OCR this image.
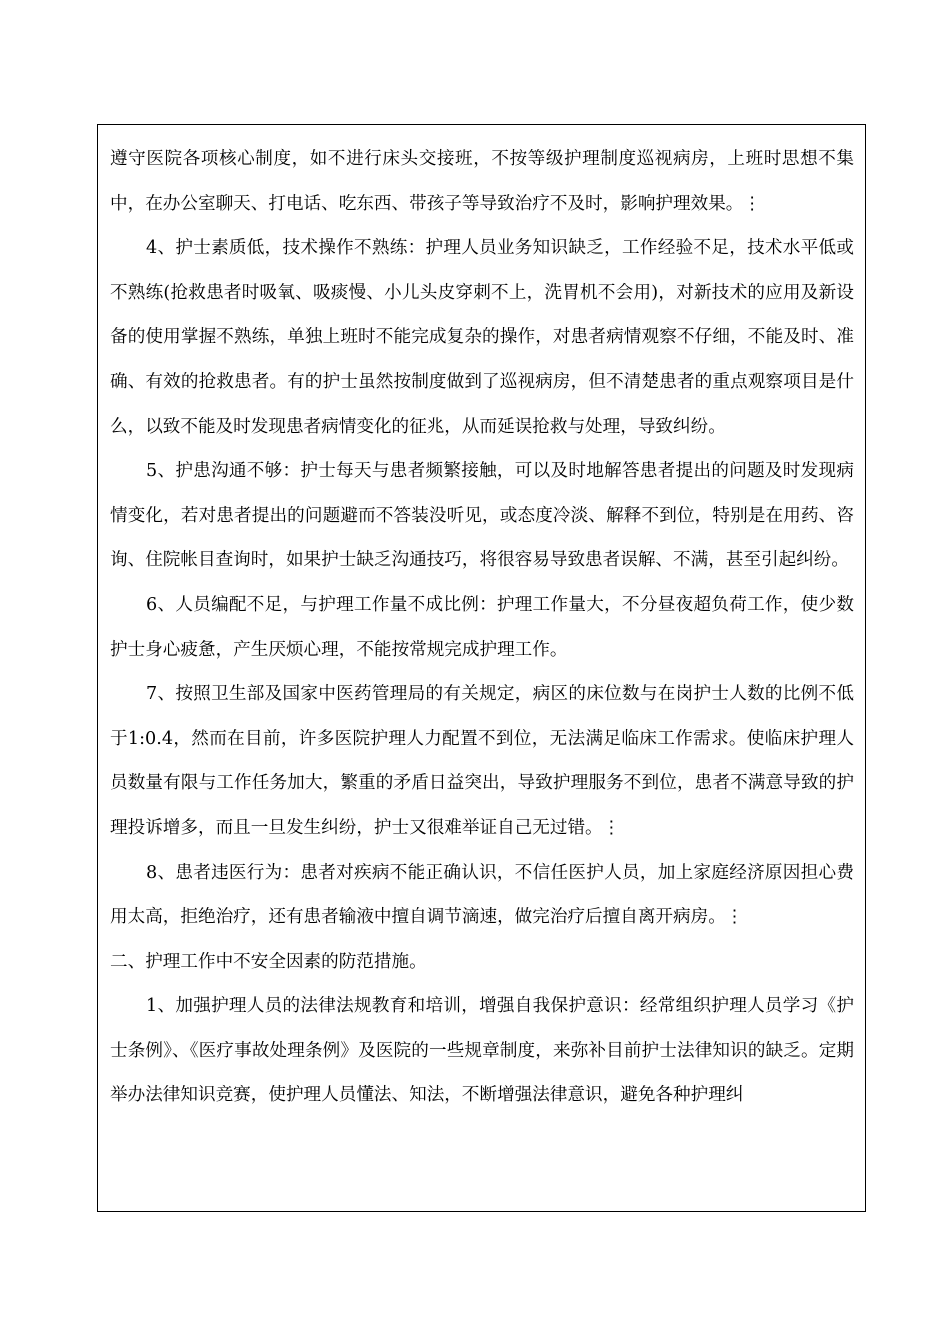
遵守医院各项核心制度，如不进行床头交接班，不按等级护理制度巡视病房，上班时思想不集中，在办公室聊天、打电话、吃东西、带孩子等导致治疗不及时，影响护理效果。⋮

4、护士素质低，技术操作不熟练：护理人员业务知识缺乏，工作经验不足，技术水平低或不熟练(抢救患者时吸氧、吸痰慢、小儿头皮穿刺不上，洗胃机不会用)，对新技术的应用及新设备的使用掌握不熟练，单独上班时不能完成复杂的操作，对患者病情观察不仔细，不能及时、准确、有效的抢救患者。有的护士虽然按制度做到了巡视病房，但不清楚患者的重点观察项目是什么，以致不能及时发现患者病情变化的征兆，从而延误抢救与处理，导致纠纷。

5、护患沟通不够：护士每天与患者频繁接触，可以及时地解答患者提出的问题及时发现病情变化，若对患者提出的问题避而不答装没听见，或态度冷淡、解释不到位，特别是在用药、咨询、住院帐目查询时，如果护士缺乏沟通技巧，将很容易导致患者误解、不满，甚至引起纠纷。

6、人员编配不足，与护理工作量不成比例：护理工作量大，不分昼夜超负荷工作，使少数护士身心疲惫，产生厌烦心理，不能按常规完成护理工作。

7、按照卫生部及国家中医药管理局的有关规定，病区的床位数与在岗护士人数的比例不低于1:0.4，然而在目前，许多医院护理人力配置不到位，无法满足临床工作需求。使临床护理人员数量有限与工作任务加大，繁重的矛盾日益突出，导致护理服务不到位，患者不满意导致的护理投诉增多，而且一旦发生纠纷，护士又很难举证自己无过错。⋮

8、患者违医行为：患者对疾病不能正确认识，不信任医护人员，加上家庭经济原因担心费用太高，拒绝治疗，还有患者输液中擅自调节滴速，做完治疗后擅自离开病房。⋮

二、护理工作中不安全因素的防范措施。

1、加强护理人员的法律法规教育和培训，增强自我保护意识：经常组织护理人员学习《护士条例》、《医疗事故处理条例》及医院的一些规章制度，来弥补目前护士法律知识的缺乏。定期举办法律知识竞赛，使护理人员懂法、知法，不断增强法律意识，避免各种护理纠
